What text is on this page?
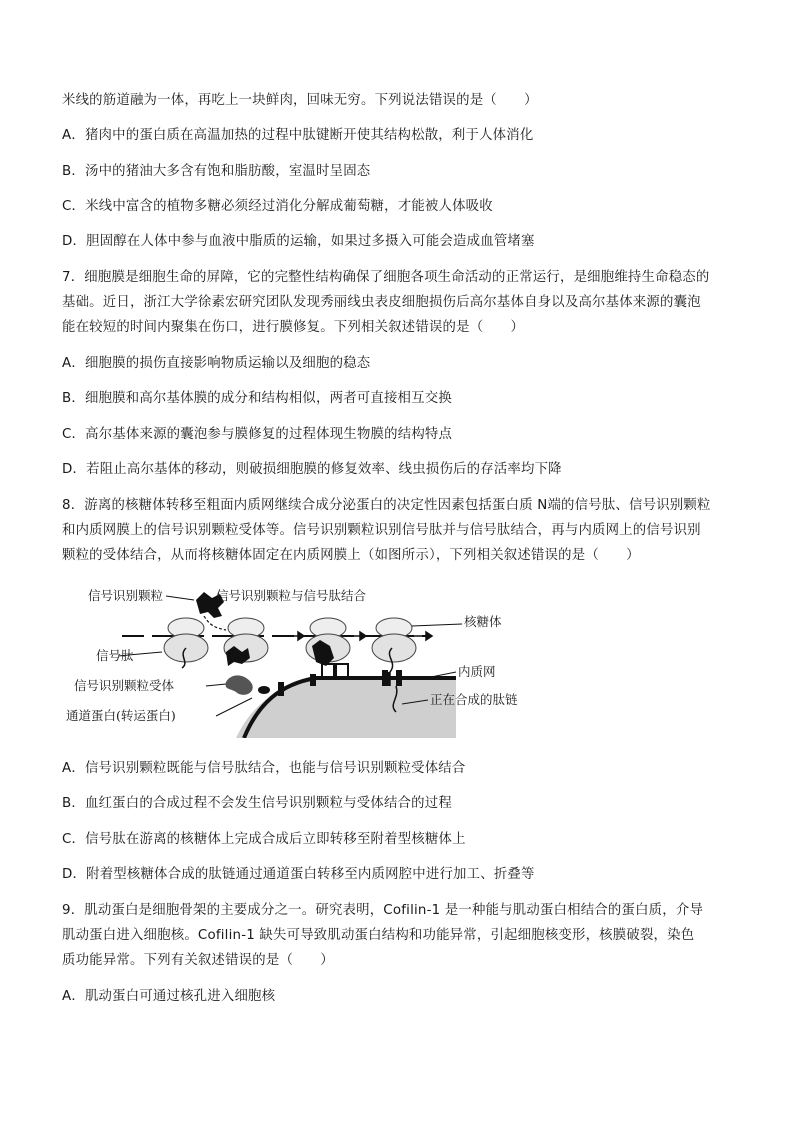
米线的筋道融为一体，再吃上一块鲜肉，回味无穷。下列说法错误的是（　　）
A．猪肉中的蛋白质在高温加热的过程中肽键断开使其结构松散，利于人体消化
B．汤中的猪油大多含有饱和脂肪酸，室温时呈固态
C．米线中富含的植物多糖必须经过消化分解成葡萄糖，才能被人体吸收
D．胆固醇在人体中参与血液中脂质的运输，如果过多摄入可能会造成血管堵塞
7．细胞膜是细胞生命的屏障，它的完整性结构确保了细胞各项生命活动的正常运行，是细胞维持生命稳态的
基础。近日，浙江大学徐素宏研究团队发现秀丽线虫表皮细胞损伤后高尔基体自身以及高尔基体来源的囊泡
能在较短的时间内聚集在伤口，进行膜修复。下列相关叙述错误的是（　　）
A．细胞膜的损伤直接影响物质运输以及细胞的稳态
B．细胞膜和高尔基体膜的成分和结构相似，两者可直接相互交换
C．高尔基体来源的囊泡参与膜修复的过程体现生物膜的结构特点
D．若阻止高尔基体的移动，则破损细胞膜的修复效率、线虫损伤后的存活率均下降
8．游离的核糖体转移至粗面内质网继续合成分泌蛋白的决定性因素包括蛋白质 N端的信号肽、信号识别颗粒
和内质网膜上的信号识别颗粒受体等。信号识别颗粒识别信号肽并与信号肽结合，再与内质网上的信号识别
颗粒的受体结合，从而将核糖体固定在内质网膜上（如图所示），下列相关叙述错误的是（　　）
信号识别颗粒	信号识别颗粒与信号肽结合
核糖体
信号肽
内质网
信号识别颗粒受体
正在合成的肽链
通道蛋白(转运蛋白)
A．信号识别颗粒既能与信号肽结合，也能与信号识别颗粒受体结合
B．血红蛋白的合成过程不会发生信号识别颗粒与受体结合的过程
C．信号肽在游离的核糖体上完成合成后立即转移至附着型核糖体上
D．附着型核糖体合成的肽链通过通道蛋白转移至内质网腔中进行加工、折叠等
9．肌动蛋白是细胞骨架的主要成分之一。研究表明，Cofilin-1 是一种能与肌动蛋白相结合的蛋白质，介导
肌动蛋白进入细胞核。Cofilin-1 缺失可导致肌动蛋白结构和功能异常，引起细胞核变形，核膜破裂，染色
质功能异常。下列有关叙述错误的是（　　）
A．肌动蛋白可通过核孔进入细胞核
